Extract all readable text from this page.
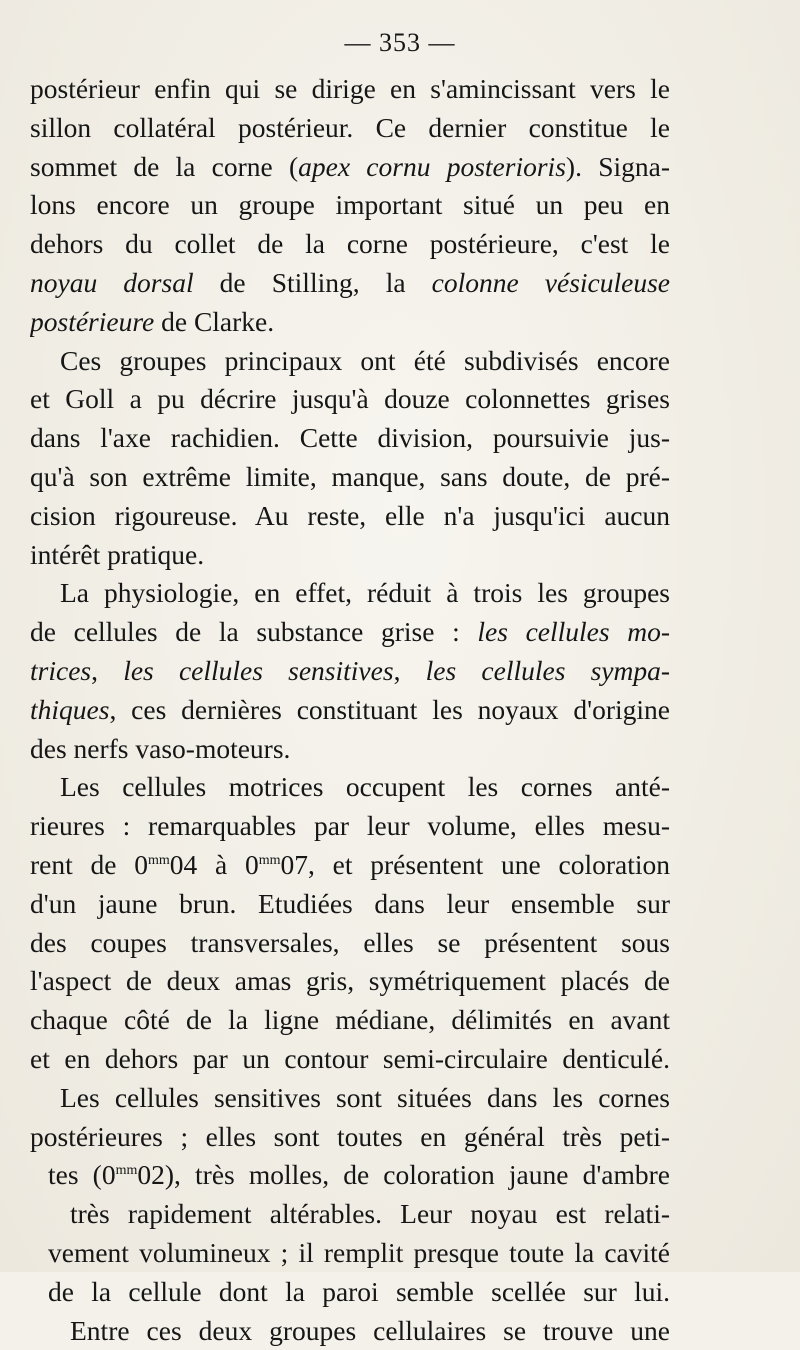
— 353 —
postérieur enfin qui se dirige en s'amincissant vers le
sillon collatéral postérieur. Ce dernier constitue le
sommet de la corne (apex cornu posterioris). Signa-
lons encore un groupe important situé un peu en
dehors du collet de la corne postérieure, c'est le
noyau dorsal de Stilling, la colonne vésiculeuse
postérieure de Clarke.
Ces groupes principaux ont été subdivisés encore
et Goll a pu décrire jusqu'à douze colonnettes grises
dans l'axe rachidien. Cette division, poursuivie jus-
qu'à son extrême limite, manque, sans doute, de pré-
cision rigoureuse. Au reste, elle n'a jusqu'ici aucun
intérêt pratique.
La physiologie, en effet, réduit à trois les groupes
de cellules de la substance grise : les cellules mo-
trices, les cellules sensitives, les cellules sympa-
thiques, ces dernières constituant les noyaux d'origine
des nerfs vaso-moteurs.
Les cellules motrices occupent les cornes anté-
rieures : remarquables par leur volume, elles mesu-
rent de $0^{mm}04$ à $0^{mm}07$, et présentent une coloration
d'un jaune brun. Etudiées dans leur ensemble sur
des coupes transversales, elles se présentent sous
l'aspect de deux amas gris, symétriquement placés de
chaque côté de la ligne médiane, délimités en avant
et en dehors par un contour semi-circulaire denticulé.
Les cellules sensitives sont situées dans les cornes
postérieures ; elles sont toutes en général très peti-
tes $(0^{mm}02)$, très molles, de coloration jaune d'ambre
très rapidement altérables. Leur noyau est relati-
vement volumineux ; il remplit presque toute la cavité
de la cellule dont la paroi semble scellée sur lui.
Entre ces deux groupes cellulaires se trouve une
